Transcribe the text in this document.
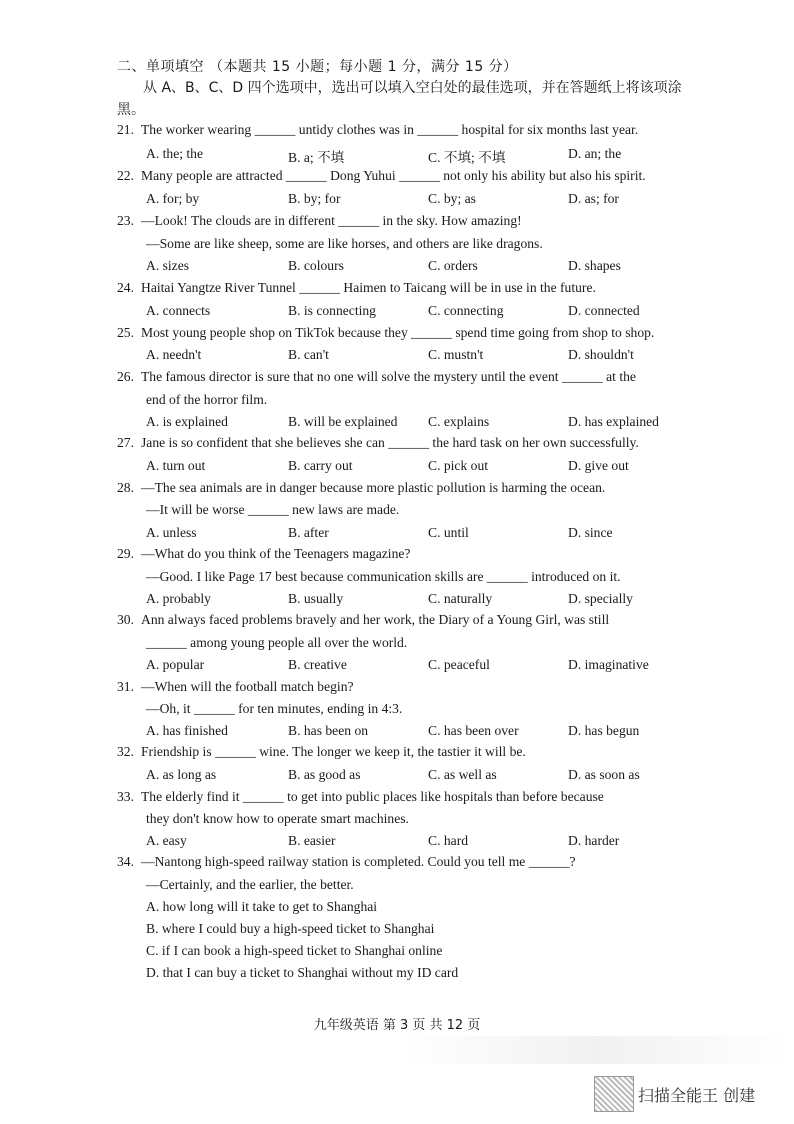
二、单项填空 （本题共 15 小题；每小题 1 分，满分 15 分）
从 A、B、C、D 四个选项中，选出可以填入空白处的最佳选项，并在答题纸上将该项涂黑。
21. The worker wearing ______ untidy clothes was in ______ hospital for six months last year.
A. the; the	B. a; 不填	C. 不填; 不填	D. an; the
22. Many people are attracted ______ Dong Yuhui ______ not only his ability but also his spirit.
A. for; by	B. by; for	C. by; as	D. as; for
23. —Look! The clouds are in different ______ in the sky. How amazing!
—Some are like sheep, some are like horses, and others are like dragons.
A. sizes	B. colours	C. orders	D. shapes
24. Haitai Yangtze River Tunnel ______ Haimen to Taicang will be in use in the future.
A. connects	B. is connecting	C. connecting	D. connected
25. Most young people shop on TikTok because they ______ spend time going from shop to shop.
A. needn't	B. can't	C. mustn't	D. shouldn't
26. The famous director is sure that no one will solve the mystery until the event ______ at the
end of the horror film.
A. is explained	B. will be explained C. explains	D. has explained
27. Jane is so confident that she believes she can ______ the hard task on her own successfully.
A. turn out	B. carry out	C. pick out	D. give out
28. —The sea animals are in danger because more plastic pollution is harming the ocean.
—It will be worse ______ new laws are made.
A. unless	B. after	C. until	D. since
29. —What do you think of the Teenagers magazine?
—Good. I like Page 17 best because communication skills are ______ introduced on it.
A. probably	B. usually	C. naturally	D. specially
30. Ann always faced problems bravely and her work, the Diary of a Young Girl, was still
______ among young people all over the world.
A. popular	B. creative	C. peaceful	D. imaginative
31. —When will the football match begin?
—Oh, it ______ for ten minutes, ending in 4:3.
A. has finished	B. has been on	C. has been over	D. has begun
32. Friendship is ______ wine. The longer we keep it, the tastier it will be.
A. as long as	B. as good as	C. as well as	D. as soon as
33. The elderly find it ______ to get into public places like hospitals than before because
they don't know how to operate smart machines.
A. easy	B. easier	C. hard	D. harder
34. —Nantong high-speed railway station is completed. Could you tell me ______?
—Certainly, and the earlier, the better.
A. how long will it take to get to Shanghai
B. where I could buy a high-speed ticket to Shanghai
C. if I can book a high-speed ticket to Shanghai online
D. that I can buy a ticket to Shanghai without my ID card
九年级英语 第 3 页 共 12 页
扫描全能王 创建
